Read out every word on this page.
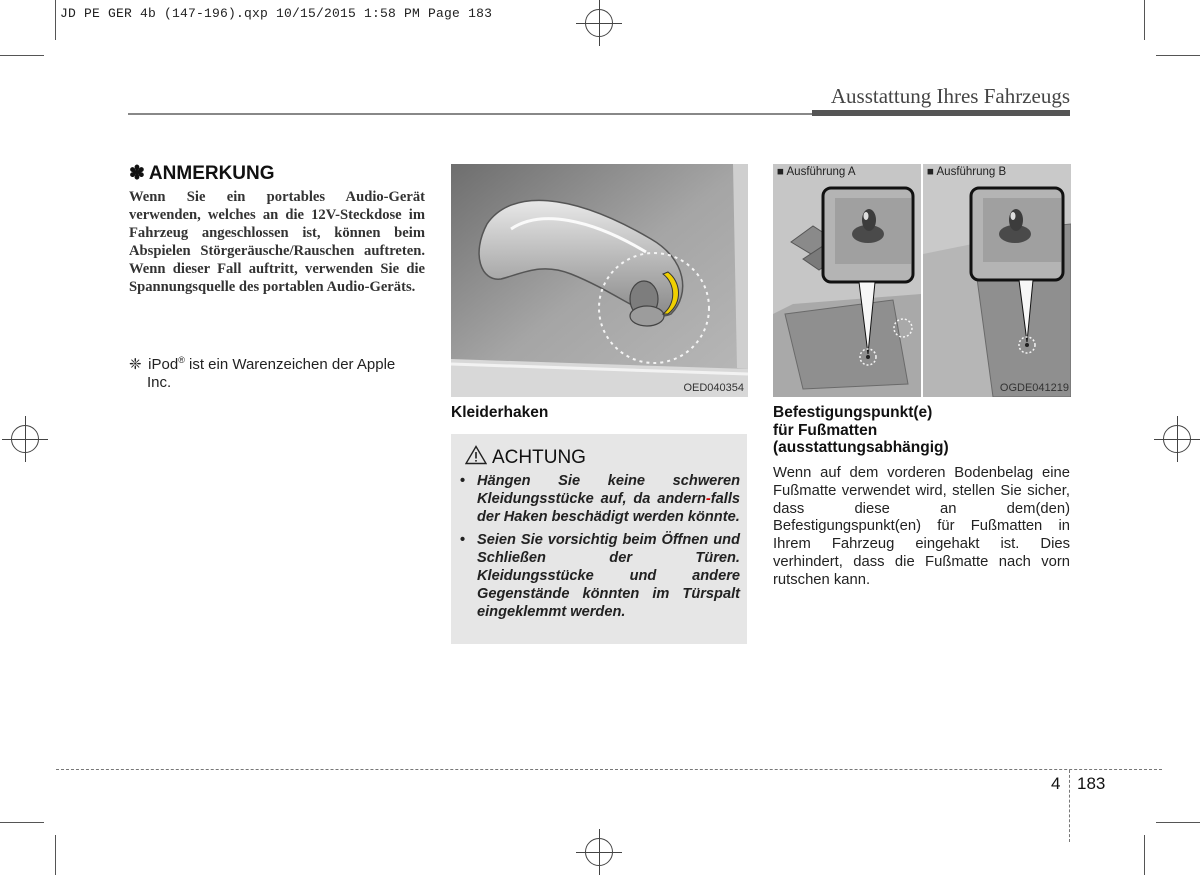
JD PE GER 4b (147-196).qxp 10/15/2015 1:58 PM Page 183
Ausstattung Ihres Fahrzeugs
✽ ANMERKUNG
Wenn Sie ein portables Audio-Gerät verwenden, welches an die 12V-Steckdose im Fahrzeug angeschlossen ist, können beim Abspielen Störgeräusche/Rauschen auftreten. Wenn dieser Fall auftritt, verwenden Sie die Spannungsquelle des portablen Audio-Geräts.
❈ iPod® ist ein Warenzeichen der Apple
Inc.	OED040354
Kleiderhaken
ACHTUNG
• Hängen Sie keine schweren Kleidungsstücke auf, da andern-falls der Haken beschädigt werden könnte.
• Seien Sie vorsichtig beim Öffnen und Schließen der Türen. Kleidungsstücke und andere Gegenstände könnten im Türspalt eingeklemmt werden.
■ Ausführung A	■ Ausführung B
OGDE041219
Befestigungspunkt(e)
für Fußmatten
(ausstattungsabhängig)
Wenn auf dem vorderen Bodenbelag eine Fußmatte verwendet wird, stellen Sie sicher, dass diese an dem(den) Befestigungspunkt(en) für Fußmatten in Ihrem Fahrzeug eingehakt ist. Dies verhindert, dass die Fußmatte nach vorn rutschen kann.
4 183
